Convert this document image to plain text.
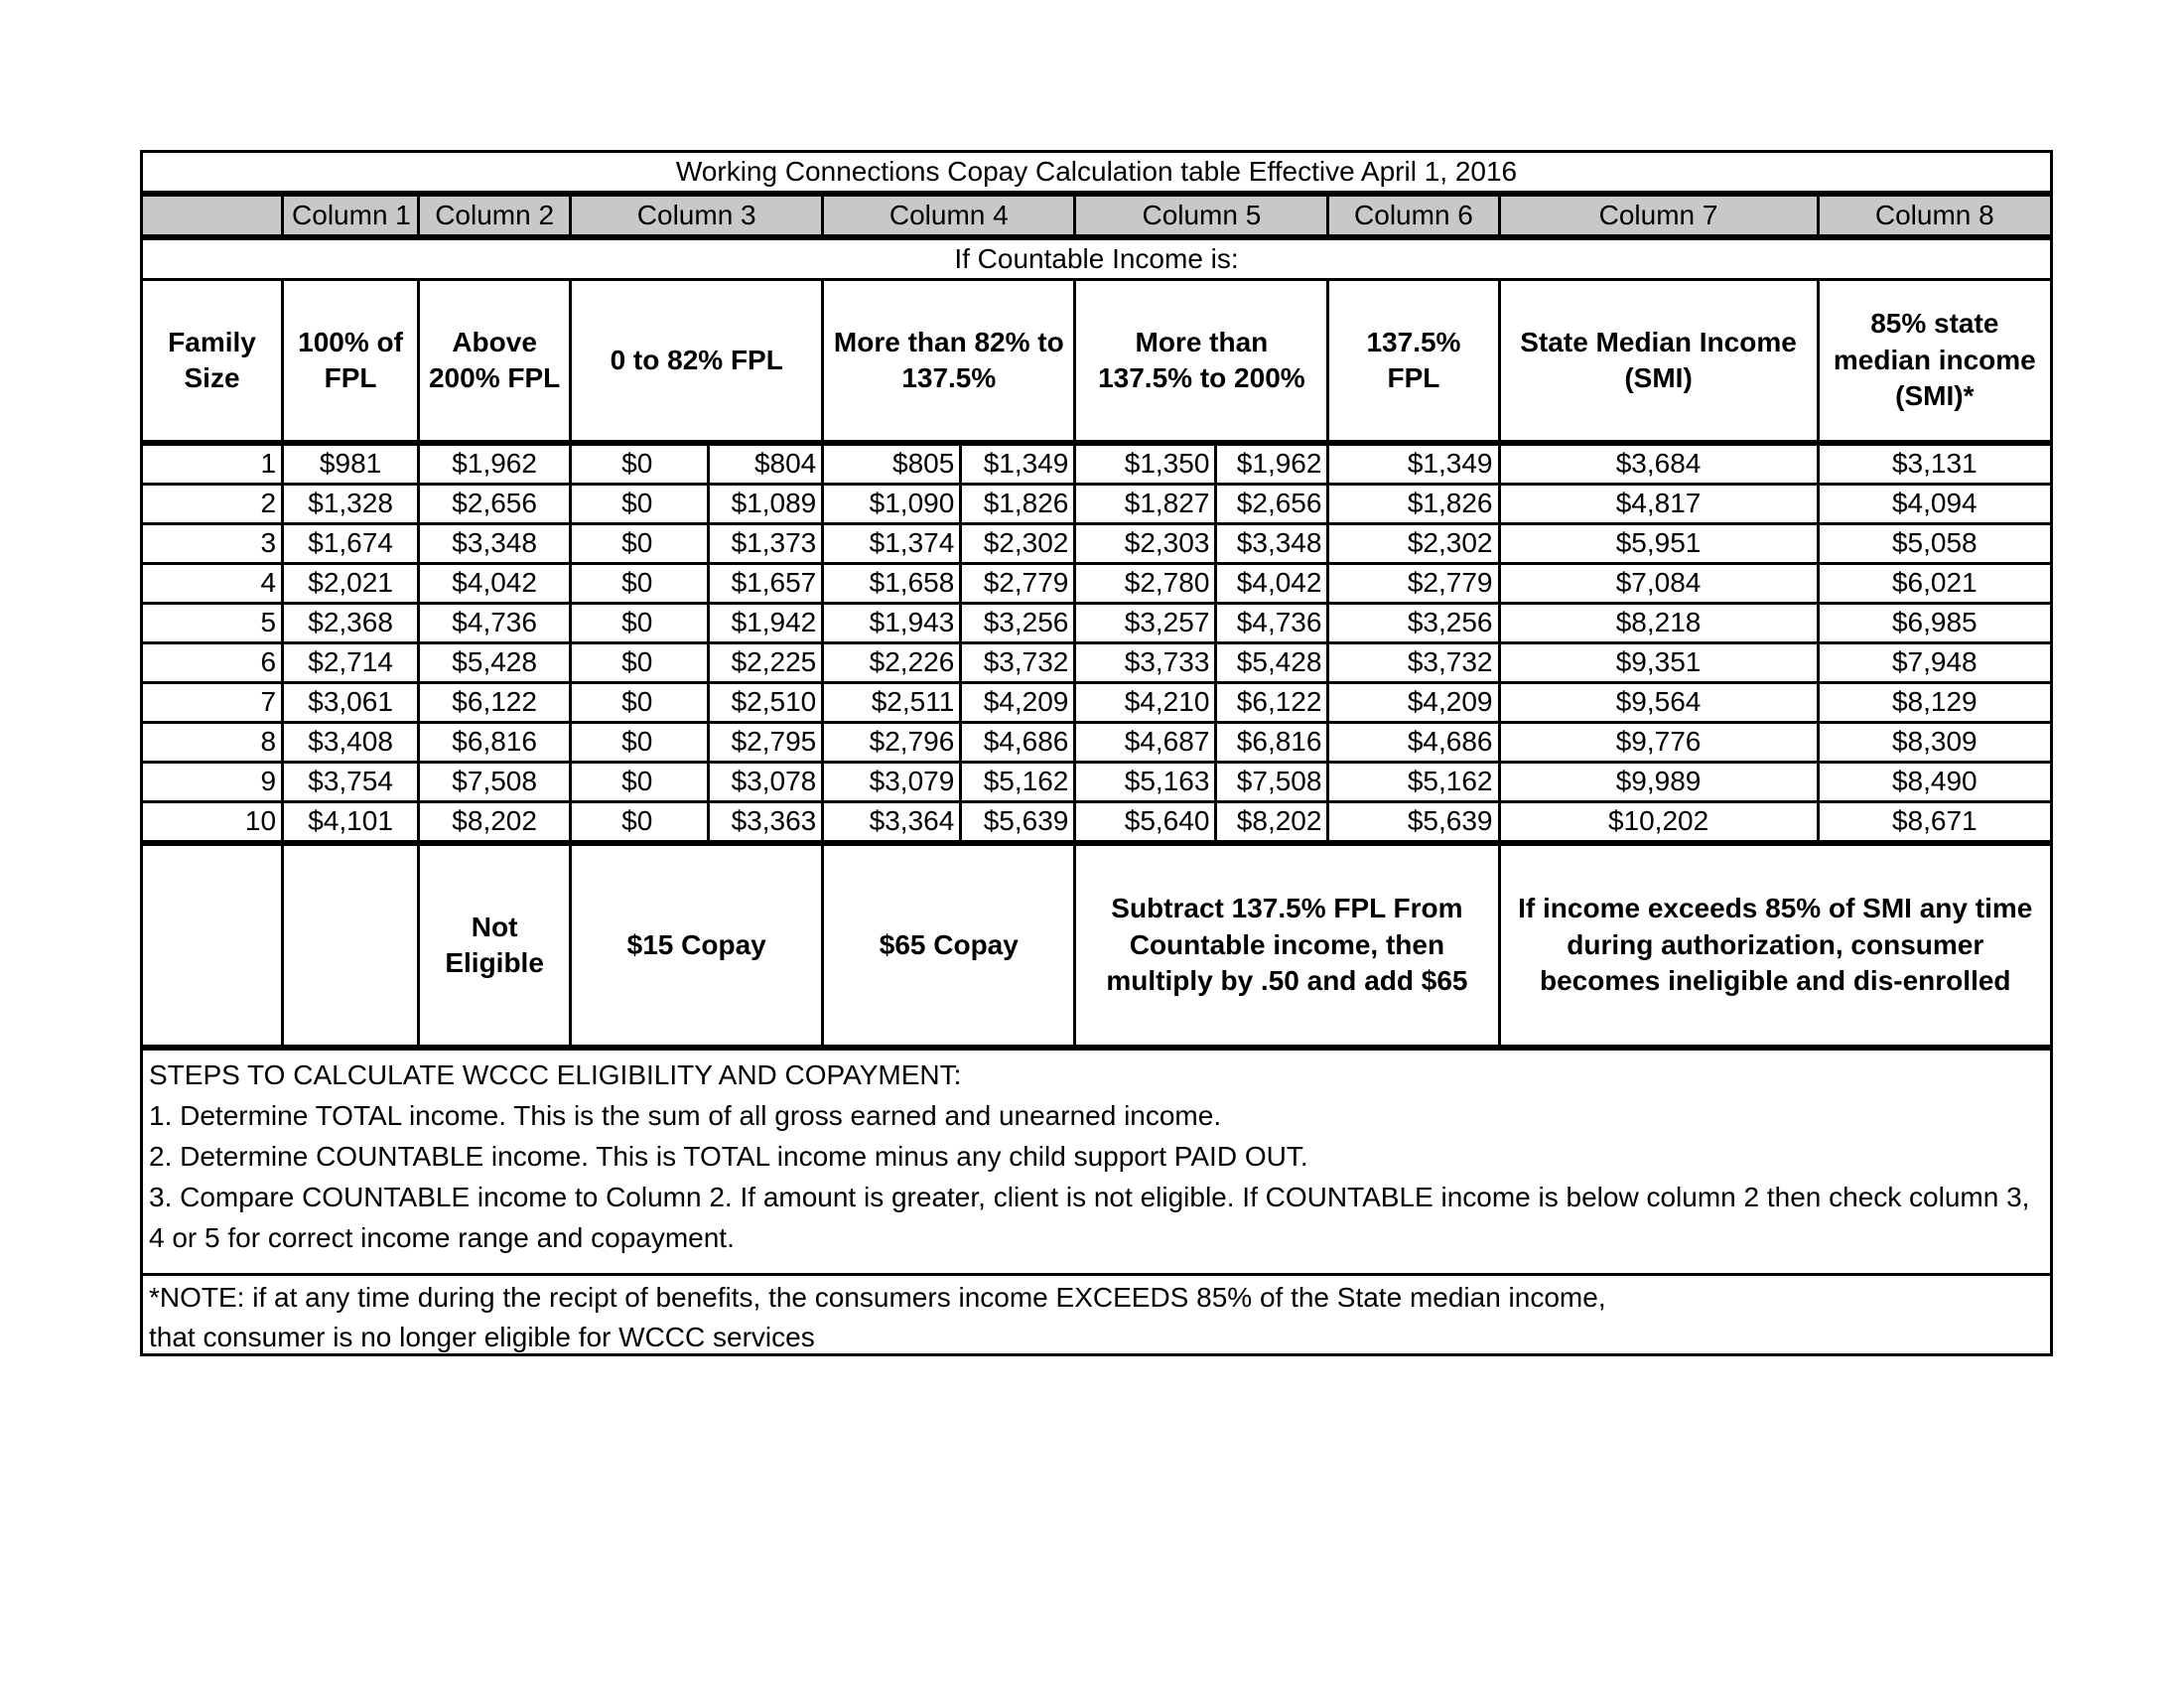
Working Connections Copay Calculation table Effective April 1, 2016											
	Column 1	Column 2	Column 3		Column 4		Column 5		Column 6	Column 7	Column 8
If Countable Income is:											
Family Size	100% of FPL	Above 200% FPL	0 to 82% FPL		More than 82% to 137.5%		More than 137.5% to 200%		137.5% FPL	State Median Income (SMI)	85% state median income (SMI)*
1	$981	$1,962	$0	$804	$805	$1,349	$1,350	$1,962	$1,349	$3,684	$3,131
2	$1,328	$2,656	$0	$1,089	$1,090	$1,826	$1,827	$2,656	$1,826	$4,817	$4,094
3	$1,674	$3,348	$0	$1,373	$1,374	$2,302	$2,303	$3,348	$2,302	$5,951	$5,058
4	$2,021	$4,042	$0	$1,657	$1,658	$2,779	$2,780	$4,042	$2,779	$7,084	$6,021
5	$2,368	$4,736	$0	$1,942	$1,943	$3,256	$3,257	$4,736	$3,256	$8,218	$6,985
6	$2,714	$5,428	$0	$2,225	$2,226	$3,732	$3,733	$5,428	$3,732	$9,351	$7,948
7	$3,061	$6,122	$0	$2,510	$2,511	$4,209	$4,210	$6,122	$4,209	$9,564	$8,129
8	$3,408	$6,816	$0	$2,795	$2,796	$4,686	$4,687	$6,816	$4,686	$9,776	$8,309
9	$3,754	$7,508	$0	$3,078	$3,079	$5,162	$5,163	$7,508	$5,162	$9,989	$8,490
10	$4,101	$8,202	$0	$3,363	$3,364	$5,639	$5,640	$8,202	$5,639	$10,202	$8,671
		Not Eligible	$15 Copay		$65 Copay		Subtract 137.5% FPL From Countable income, then multiply by .50 and add $65			If income exceeds 85% of SMI any time during authorization, consumer becomes ineligible and dis-enrolled	
STEPS TO CALCULATE WCCC ELIGIBILITY AND COPAYMENT:
1. Determine TOTAL income. This is the sum of all gross earned and unearned income.
2. Determine COUNTABLE income. This is TOTAL income minus any child support PAID OUT.
3. Compare COUNTABLE income to Column 2. If amount is greater, client is not eligible. If COUNTABLE income is below column 2 then check column 3, 4 or 5 for correct income range and copayment.
*NOTE: if at any time during the recipt of benefits, the consumers income EXCEEDS 85% of the State median income,
that consumer is no longer eligible for WCCC services
